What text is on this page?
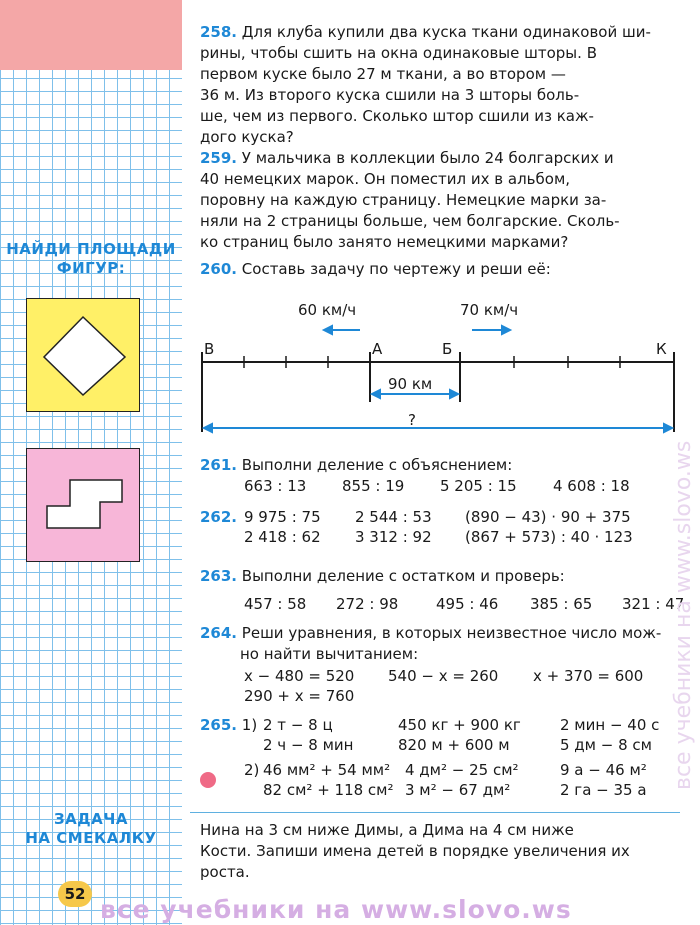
НАЙДИ ПЛОЩАДИ
ФИГУР:
ЗАДАЧА
НА СМЕКАЛКУ
52
258. Для клуба купили два куска ткани одинаковой ши-
рины, чтобы сшить на окна одинаковые шторы. В
первом куске было 27 м ткани, а во втором —
36 м. Из второго куска сшили на 3 шторы боль-
ше, чем из первого. Сколько штор сшили из каж-
дого куска?
259. У мальчика в коллекции было 24 болгарских и
40 немецких марок. Он поместил их в альбом,
поровну на каждую страницу. Немецкие марки за-
няли на 2 страницы больше, чем болгарские. Сколь-
ко страниц было занято немецкими марками?
260. Составь задачу по чертежу и реши её:
60 км/ч	70 км/ч
В	А	Б	К
90 км
?
261. Выполни деление с объяснением:
663 : 13 855 : 19 5 205 : 15 4 608 : 18
262. 9 975 : 75 2 544 : 53 (890 − 43) · 90 + 375
2 418 : 62 3 312 : 92 (867 + 573) : 40 · 123
263. Выполни деление с остатком и проверь:
457 : 58 272 : 98	495 : 46 385 : 65 321 : 47
264. Реши уравнения, в которых неизвестное число мож-
но найти вычитанием:
x − 480 = 520 540 − x = 260 x + 370 = 600
290 + x = 760
265. 1) 2 т − 8 ц	450 кг + 900 кг	2 мин − 40 с
2 ч − 8 мин	820 м + 600 м	5 дм − 8 см
2) 46 мм² + 54 мм² 4 дм² − 25 см²	9 а − 46 м²
82 см² + 118 см² 3 м² − 67 дм²	2 га − 35 а
Нина на 3 см ниже Димы, а Дима на 4 см ниже
Кости. Запиши имена детей в порядке увеличения их
роста.
все учебники на www.slovo.ws
все учебники на www.slovo.ws
